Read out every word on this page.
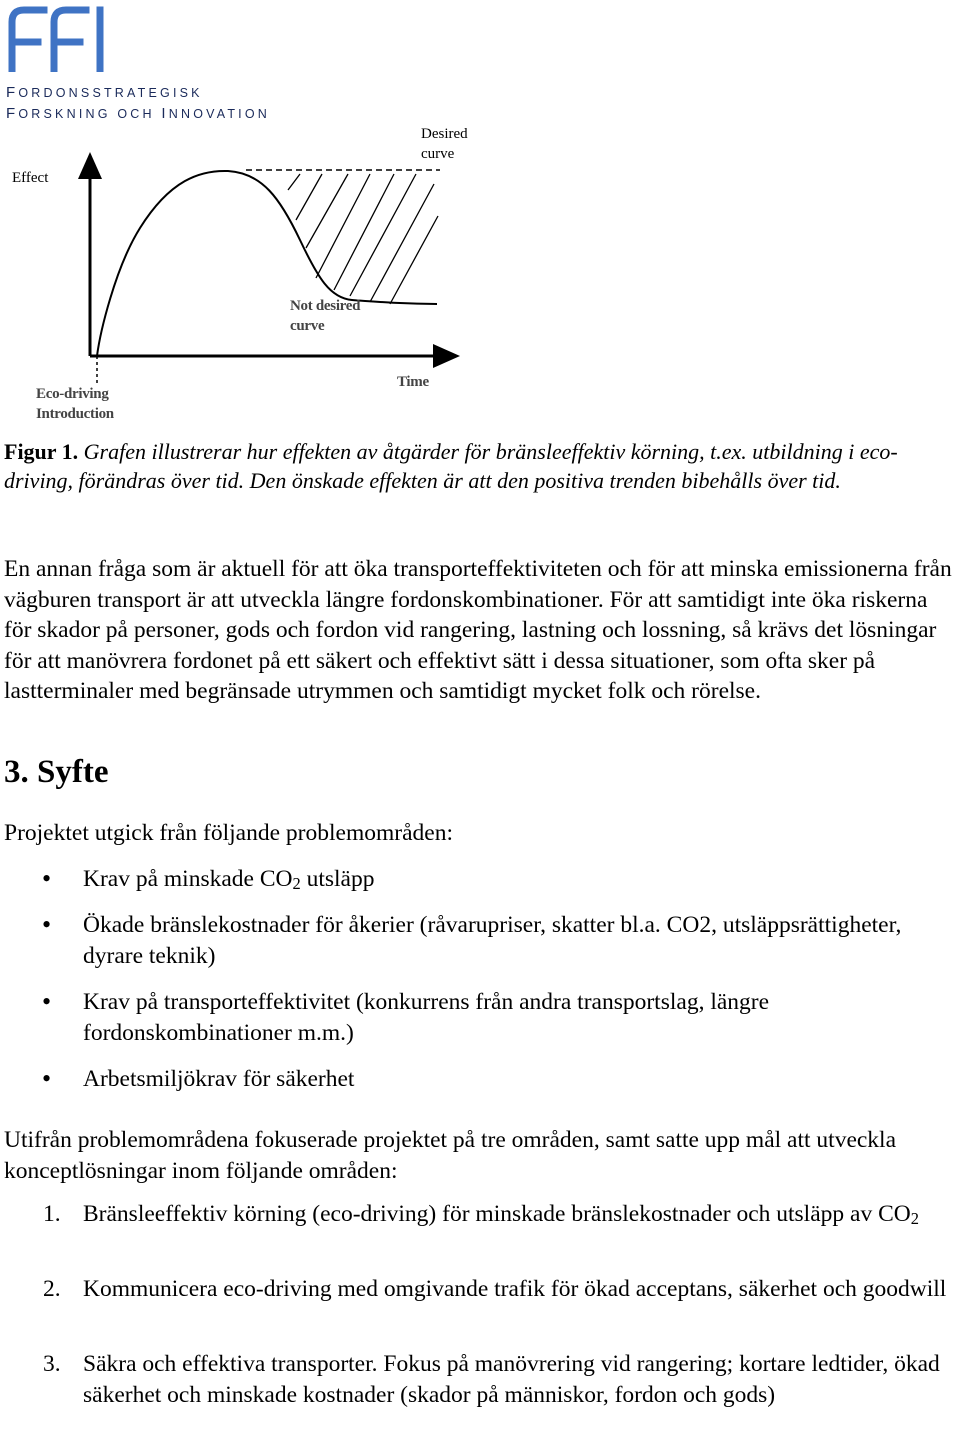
FORDONSSTRATEGISK
FORSKNING OCH INNOVATION
Effect
Desired
curve
Not desired
curve
Time
Eco-driving
Introduction
Figur 1. Grafen illustrerar hur effekten av åtgärder för bränsleeffektiv körning, t.ex. utbildning i eco-driving, förändras över tid. Den önskade effekten är att den positiva trenden bibehålls över tid.
En annan fråga som är aktuell för att öka transporteffektiviteten och för att minska emissionerna från vägburen transport är att utveckla längre fordonskombinationer. För att samtidigt inte öka riskerna för skador på personer, gods och fordon vid rangering, lastning och lossning, så krävs det lösningar för att manövrera fordonet på ett säkert och effektivt sätt i dessa situationer, som ofta sker på lastterminaler med begränsade utrymmen och samtidigt mycket folk och rörelse.
3. Syfte
Projektet utgick från följande problemområden:
• Krav på minskade $CO_2$ utsläpp
• Ökade bränslekostnader för åkerier (råvarupriser, skatter bl.a. CO2, utsläppsrättigheter, dyrare teknik)
• Krav på transporteffektivitet (konkurrens från andra transportslag, längre fordonskombinationer m.m.)
• Arbetsmiljökrav för säkerhet
Utifrån problemområdena fokuserade projektet på tre områden, samt satte upp mål att utveckla konceptlösningar inom följande områden:
1. Bränsleeffektiv körning (eco-driving) för minskade bränslekostnader och utsläpp av $CO_2$
2. Kommunicera eco-driving med omgivande trafik för ökad acceptans, säkerhet och goodwill
3. Säkra och effektiva transporter. Fokus på manövrering vid rangering; kortare ledtider, ökad säkerhet och minskade kostnader (skador på människor, fordon och gods)
